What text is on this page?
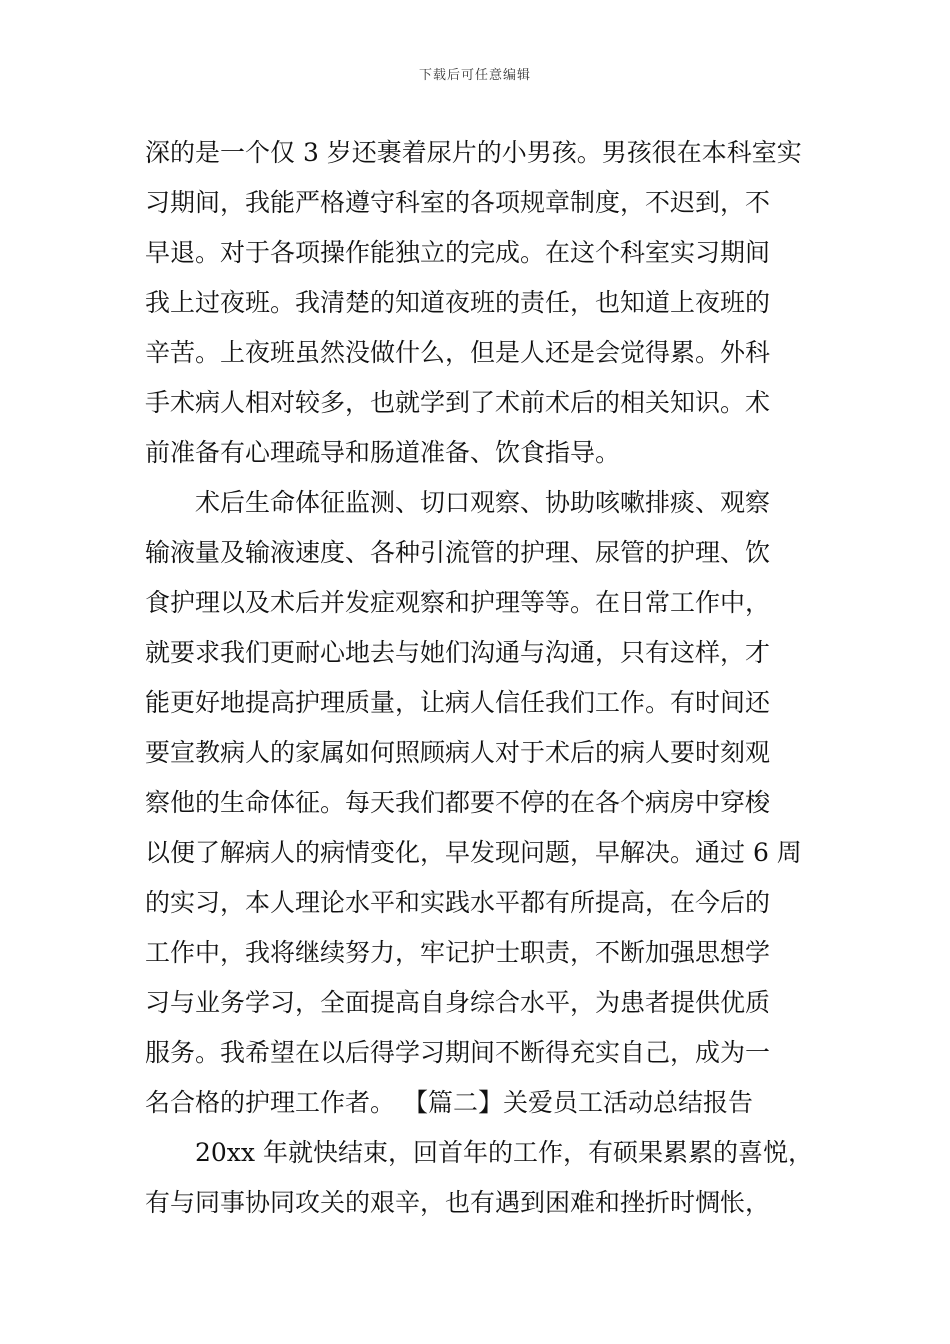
下载后可任意编辑
深的是一个仅 3 岁还裹着尿片的小男孩。男孩很在本科室实
习期间，我能严格遵守科室的各项规章制度，不迟到，不
早退。对于各项操作能独立的完成。在这个科室实习期间
我上过夜班。我清楚的知道夜班的责任，也知道上夜班的
辛苦。上夜班虽然没做什么，但是人还是会觉得累。外科
手术病人相对较多，也就学到了术前术后的相关知识。术
前准备有心理疏导和肠道准备、饮食指导。
术后生命体征监测、切口观察、协助咳嗽排痰、观察
输液量及输液速度、各种引流管的护理、尿管的护理、饮
食护理以及术后并发症观察和护理等等。在日常工作中，
就要求我们更耐心地去与她们沟通与沟通，只有这样，才
能更好地提高护理质量，让病人信任我们工作。有时间还
要宣教病人的家属如何照顾病人对于术后的病人要时刻观
察他的生命体征。每天我们都要不停的在各个病房中穿梭
以便了解病人的病情变化，早发现问题，早解决。通过 6 周
的实习，本人理论水平和实践水平都有所提高，在今后的
工作中，我将继续努力，牢记护士职责，不断加强思想学
习与业务学习，全面提高自身综合水平，为患者提供优质
服务。我希望在以后得学习期间不断得充实自己，成为一
名合格的护理工作者。 【篇二】关爱员工活动总结报告
20xx 年就快结束，回首年的工作，有硕果累累的喜悦，
有与同事协同攻关的艰辛，也有遇到困难和挫折时惆怅，
